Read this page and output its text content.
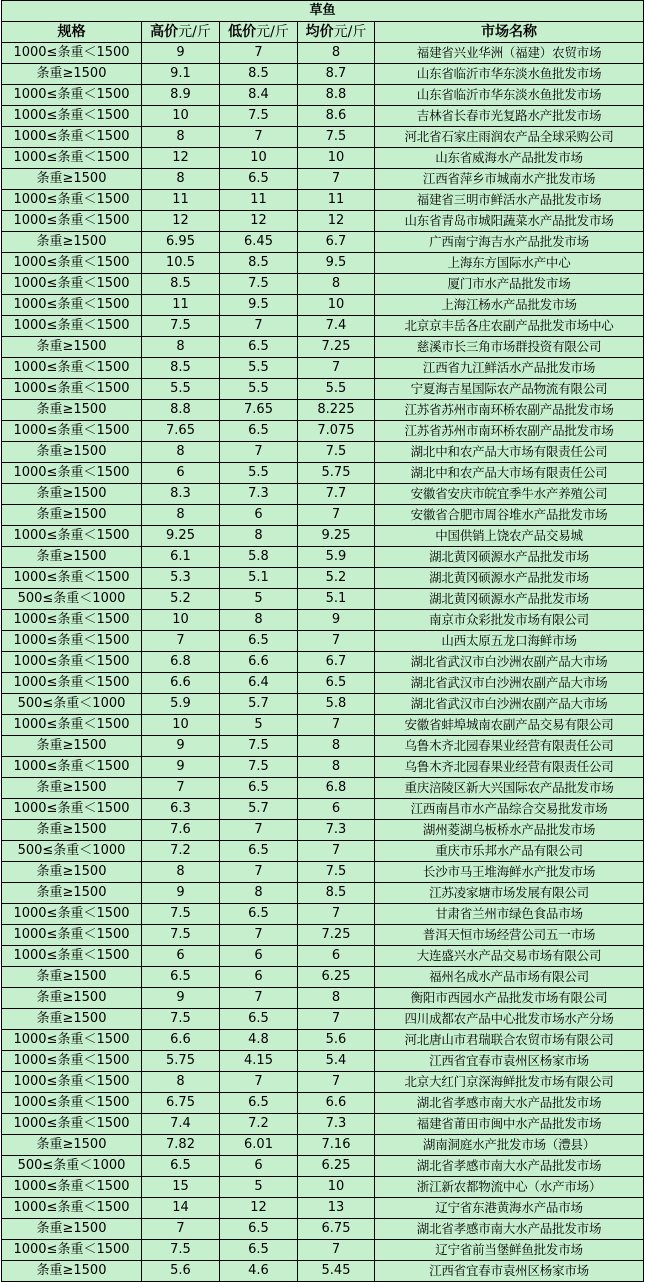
草鱼				
规格	高价元/斤	低价元/斤	均价元/斤	市场名称
1000≤条重＜1500	9	7	8	福建省兴业华洲（福建）农贸市场
条重≥1500	9.1	8.5	8.7	山东省临沂市华东淡水鱼批发市场
1000≤条重＜1500	8.9	8.4	8.8	山东省临沂市华东淡水鱼批发市场
1000≤条重＜1500	10	7.5	8.6	吉林省长春市光复路水产批发市场
1000≤条重＜1500	8	7	7.5	河北省石家庄雨润农产品全球采购公司
1000≤条重＜1500	12	10	10	山东省威海水产品批发市场
条重≥1500	8	6.5	7	江西省萍乡市城南水产批发市场
1000≤条重＜1500	11	11	11	福建省三明市鲜活水产品批发市场
1000≤条重＜1500	12	12	12	山东省青岛市城阳蔬菜水产品批发市场
条重≥1500	6.95	6.45	6.7	广西南宁海吉水产品批发市场
1000≤条重＜1500	10.5	8.5	9.5	上海东方国际水产中心
1000≤条重＜1500	8.5	7.5	8	厦门市水产品批发市场
1000≤条重＜1500	11	9.5	10	上海江杨水产品批发市场
1000≤条重＜1500	7.5	7	7.4	北京京丰岳各庄农副产品批发市场中心
条重≥1500	8	6.5	7.25	慈溪市长三角市场群投资有限公司
1000≤条重＜1500	8.5	5.5	7	江西省九江鲜活水产品批发市场
1000≤条重＜1500	5.5	5.5	5.5	宁夏海吉星国际农产品物流有限公司
条重≥1500	8.8	7.65	8.225	江苏省苏州市南环桥农副产品批发市场
1000≤条重＜1500	7.65	6.5	7.075	江苏省苏州市南环桥农副产品批发市场
条重≥1500	8	7	7.5	湖北中和农产品大市场有限责任公司
1000≤条重＜1500	6	5.5	5.75	湖北中和农产品大市场有限责任公司
条重≥1500	8.3	7.3	7.7	安徽省安庆市皖宜季牛水产养殖公司
条重≥1500	8	6	7	安徽省合肥市周谷堆水产品批发市场
1000≤条重＜1500	9.25	8	9.25	中国供销上饶农产品交易城
条重≥1500	6.1	5.8	5.9	湖北黄冈硕源水产品批发市场
1000≤条重＜1500	5.3	5.1	5.2	湖北黄冈硕源水产品批发市场
500≤条重＜1000	5.2	5	5.1	湖北黄冈硕源水产品批发市场
1000≤条重＜1500	10	8	9	南京市众彩批发市场有限公司
1000≤条重＜1500	7	6.5	7	山西太原五龙口海鲜市场
1000≤条重＜1500	6.8	6.6	6.7	湖北省武汉市白沙洲农副产品大市场
1000≤条重＜1500	6.6	6.4	6.5	湖北省武汉市白沙洲农副产品大市场
500≤条重＜1000	5.9	5.7	5.8	湖北省武汉市白沙洲农副产品大市场
1000≤条重＜1500	10	5	7	安徽省蚌埠城南农副产品交易有限公司
条重≥1500	9	7.5	8	乌鲁木齐北园春果业经营有限责任公司
1000≤条重＜1500	9	7.5	8	乌鲁木齐北园春果业经营有限责任公司
条重≥1500	7	6.5	6.8	重庆涪陵区新大兴国际农产品批发市场
1000≤条重＜1500	6.3	5.7	6	江西南昌市水产品综合交易批发市场
条重≥1500	7.6	7	7.3	湖州菱湖乌板桥水产品批发市场
500≤条重＜1000	7.2	6.5	7	重庆市乐邦水产品有限公司
条重≥1500	8	7	7.5	长沙市马王堆海鲜水产批发市场
条重≥1500	9	8	8.5	江苏凌家塘市场发展有限公司
1000≤条重＜1500	7.5	6.5	7	甘肃省兰州市绿色食品市场
1000≤条重＜1500	7.5	7	7.25	普洱天恒市场经营公司五一市场
1000≤条重＜1500	6	6	6	大连盛兴水产品交易市场有限公司
条重≥1500	6.5	6	6.25	福州名成水产品市场有限公司
条重≥1500	9	7	8	衡阳市西园水产品批发市场有限公司
条重≥1500	7.5	6.5	7	四川成都农产品中心批发市场水产分场
1000≤条重＜1500	6.6	4.8	5.6	河北唐山市君瑞联合农贸市场有限公司
1000≤条重＜1500	5.75	4.15	5.4	江西省宜春市袁州区杨家市场
1000≤条重＜1500	8	7	7	北京大红门京深海鲜批发市场有限公司
1000≤条重＜1500	6.75	6.5	6.6	湖北省孝感市南大水产品批发市场
1000≤条重＜1500	7.4	7.2	7.3	福建省莆田市闽中水产品批发市场
条重≥1500	7.82	6.01	7.16	湖南洞庭水产批发市场（澧县）
500≤条重＜1000	6.5	6	6.25	湖北省孝感市南大水产品批发市场
1000≤条重＜1500	15	5	10	浙江新农都物流中心（水产市场）
1000≤条重＜1500	14	12	13	辽宁省东港黄海水产品市场
条重≥1500	7	6.5	6.75	湖北省孝感市南大水产品批发市场
1000≤条重＜1500	7.5	6.5	7	辽宁省前当堡鲜鱼批发市场
条重≥1500	5.6	4.6	5.45	江西省宜春市袁州区杨家市场
